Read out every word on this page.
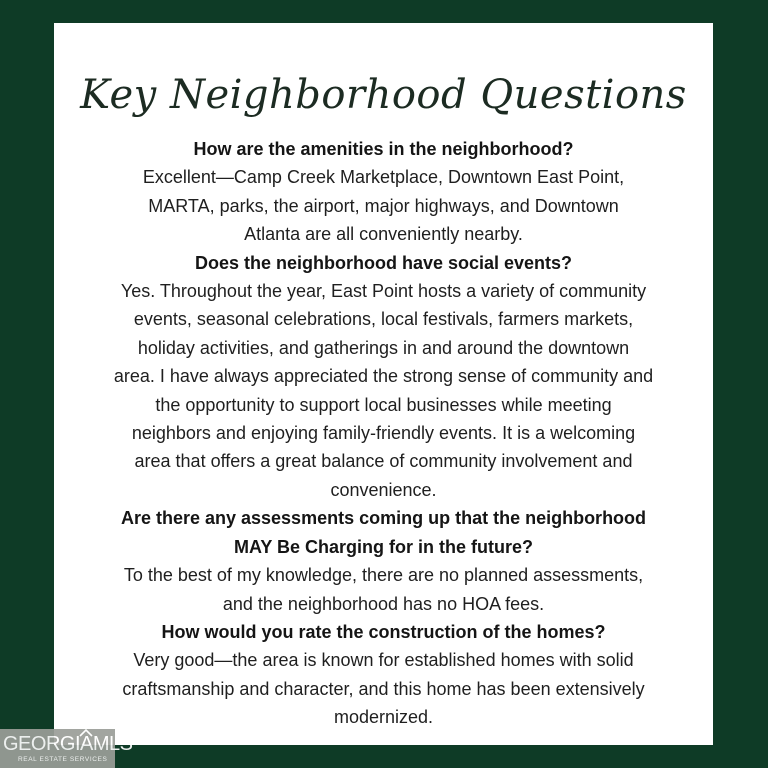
Key Neighborhood Questions

How are the amenities in the neighborhood?

Excellent—Camp Creek Marketplace, Downtown East Point,

MARTA, parks, the airport, major highways, and Downtown

Atlanta are all conveniently nearby.

Does the neighborhood have social events?

Yes. Throughout the year, East Point hosts a variety of community

events, seasonal celebrations, local festivals, farmers markets,

holiday activities, and gatherings in and around the downtown

area. I have always appreciated the strong sense of community and

the opportunity to support local businesses while meeting

neighbors and enjoying family-friendly events. It is a welcoming

area that offers a great balance of community involvement and

convenience.

Are there any assessments coming up that the neighborhood

MAY Be Charging for in the future?

To the best of my knowledge, there are no planned assessments,

and the neighborhood has no HOA fees.

How would you rate the construction of the homes?

Very good—the area is known for established homes with solid

craftsmanship and character, and this home has been extensively

modernized.

GEORGIAMLS
REAL ESTATE SERVICES
